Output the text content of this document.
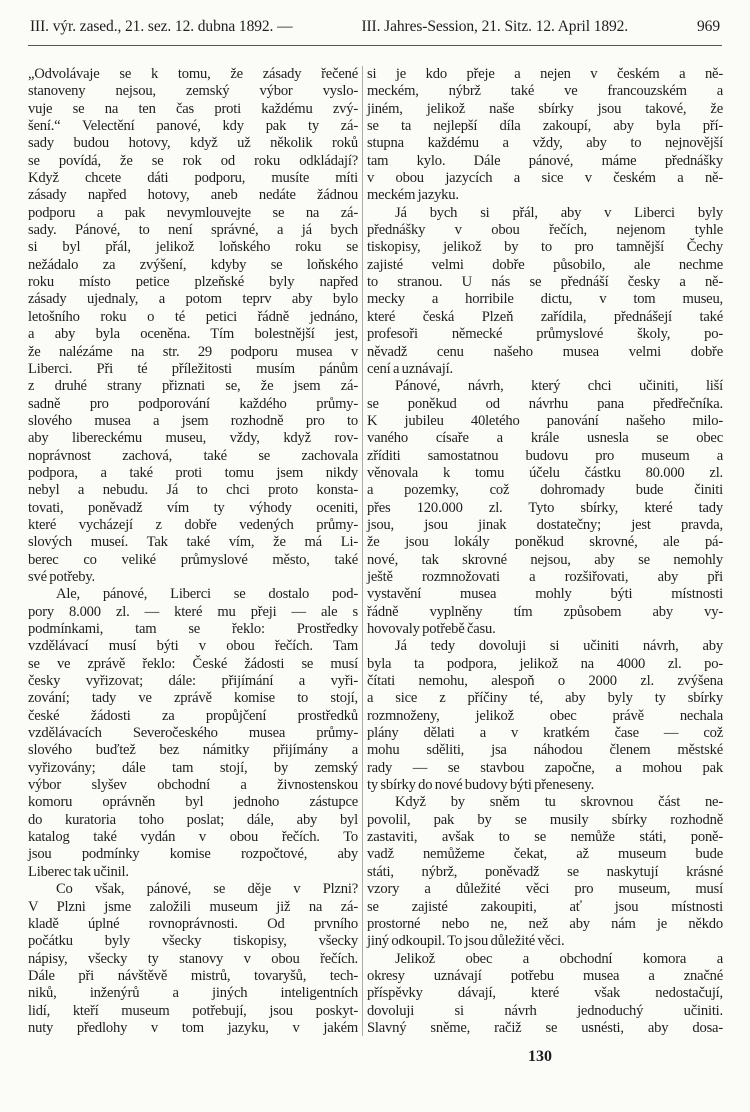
III. výr. zased., 21. sez. 12. dubna 1892. —	III. Jahres-Session, 21. Sitz. 12. April 1892.	969
„Odvolávaje se k tomu, že zásady řečené
stanoveny nejsou, zemský výbor vyslo-
vuje se na ten čas proti každému zvý-
šení.“ Velectění panové, kdy pak ty zá-
sady budou hotovy, když už několik roků
se povídá, že se rok od roku odkládají?
Když chcete dáti podporu, musíte míti
zásady napřed hotovy, aneb nedáte žádnou
podporu a pak nevymlouvejte se na zá-
sady. Pánové, to není správné, a já bych
si byl přál, jelikož loňského roku se
nežádalo za zvýšení, kdyby se loňského
roku místo petice plzeňské byly napřed
zásady ujednaly, a potom teprv aby bylo
letošního roku o té petici řádně jednáno,
a aby byla oceněna. Tím bolestnější jest,
že nalézáme na str. 29 podporu musea v
Liberci. Při té příležitosti musím pánům
z druhé strany přiznati se, že jsem zá-
sadně pro podporování každého průmy-
slového musea a jsem rozhodně pro to
aby libereckému museu, vždy, když rov-
noprávnost zachová, také se zachovala
podpora, a také proti tomu jsem nikdy
nebyl a nebudu. Já to chci proto konsta-
tovati, poněvadž vím ty výhody oceniti,
které vycházejí z dobře vedených průmy-
slových museí. Tak také vím, že má Li-
berec co veliké průmyslové město, také
své potřeby.
Ale, pánové, Liberci se dostalo pod-
pory 8.000 zl. — které mu přeji — ale s
podmínkami, tam se řeklo: Prostředky
vzdělávací musí býti v obou řečích. Tam
se ve zprávě řeklo: České žádosti se musí
česky vyřizovat; dále: přijímání a vyři-
zování; tady ve zprávě komise to stojí,
české žádosti za propůjčení prostředků
vzdělávacích Severočeského musea průmy-
slového buďtež bez námitky přijímány a
vyřizovány; dále tam stojí, by zemský
výbor slyšev obchodní a živnostenskou
komoru oprávněn byl jednoho zástupce
do kuratoria toho poslat; dále, aby byl
katalog také vydán v obou řečích. To
jsou podmínky komise rozpočtové, aby
Liberec tak učinil.
Co však, pánové, se děje v Plzni?
V Plzni jsme založili museum již na zá-
kladě úplné rovnoprávnosti. Od prvního
počátku byly všecky tiskopisy, všecky
nápisy, všecky ty stanovy v obou řečích.
Dále při návštěvě mistrů, tovaryšů, tech-
niků, inženýrů a jiných inteligentních
lidí, kteří museum potřebují, jsou poskyt-
nuty předlohy v tom jazyku, v jakém
si je kdo přeje a nejen v českém a ně-
meckém, nýbrž také ve francouzském a
jiném, jelikož naše sbírky jsou takové, že
se ta nejlepší díla zakoupí, aby byla pří-
stupna každému a vždy, aby to nejnovější
tam kylo. Dále pánové, máme přednášky
v obou jazycích a sice v českém a ně-
meckém jazyku.
Já bych si přál, aby v Liberci byly
přednášky v obou řečích, nejenom tyhle
tiskopisy, jelikož by to pro tamnější Čechy
zajisté velmi dobře působilo, ale nechme
to stranou. U nás se přednáší česky a ně-
mecky a horribile dictu, v tom museu,
které česká Plzeň zařídila, přednášejí také
profesoři německé průmyslové školy, po-
něvadž cenu našeho musea velmi dobře
cení a uznávají.
Pánové, návrh, který chci učiniti, liší
se poněkud od návrhu pana předřečníka.
K jubileu 40letého panování našeho milo-
vaného císaře a krále usnesla se obec
zříditi samostatnou budovu pro museum a
věnovala k tomu účelu částku 80.000 zl.
a pozemky, což dohromady bude činiti
přes 120.000 zl. Tyto sbírky, které tady
jsou, jsou jinak dostatečny; jest pravda,
že jsou lokály poněkud skrovné, ale pá-
nové, tak skrovné nejsou, aby se nemohly
ještě rozmnožovati a rozšiřovati, aby při
vystavění musea mohly býti místnosti
řádně vyplněny tím způsobem aby vy-
hovovaly potřebě času.
Já tedy dovoluji si učiniti návrh, aby
byla ta podpora, jelikož na 4000 zl. po-
čítati nemohu, alespoň o 2000 zl. zvýšena
a sice z příčiny té, aby byly ty sbírky
rozmnoženy, jelikož obec právě nechala
plány dělati a v kratkém čase — což
mohu sděliti, jsa náhodou členem městské
rady — se stavbou započne, a mohou pak
ty sbírky do nové budovy býti přeneseny.
Když by sněm tu skrovnou část ne-
povolil, pak by se musily sbírky rozhodně
zastaviti, avšak to se nemůže státi, poně-
vadž nemůžeme čekat, až museum bude
státi, nýbrž, poněvadž se naskytují krásné
vzory a důležité věci pro museum, musí
se zajisté zakoupiti, ať jsou místnosti
prostorné nebo ne, než aby nám je někdo
jiný odkoupil. To jsou důležité věci.
Jelikož obec a obchodní komora a
okresy uznávají potřebu musea a značné
příspěvky dávají, které však nedostačují,
dovoluji si návrh jednoduchý učiniti.
Slavný sněme, račiž se usnésti, aby dosa-
130
